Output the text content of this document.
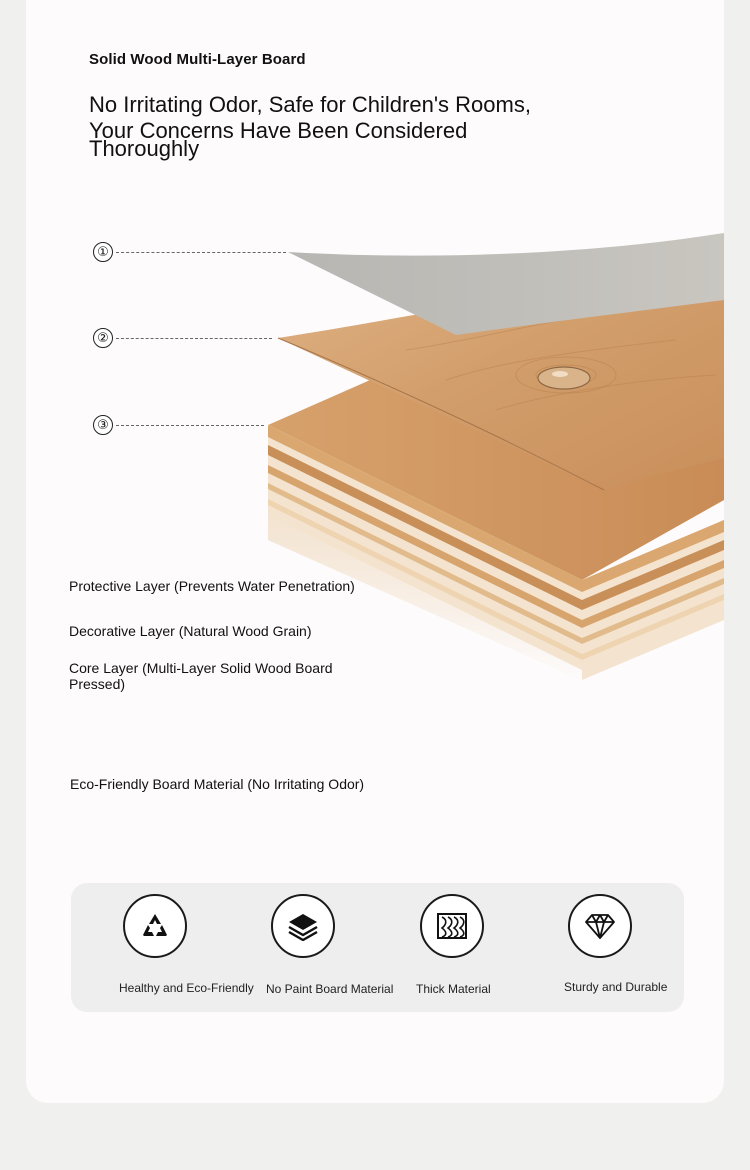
Solid Wood Multi-Layer Board
No Irritating Odor, Safe for Children's Rooms,
Your Concerns Have Been Considered
Thoroughly
①
②
③
Protective Layer (Prevents Water Penetration)
Decorative Layer (Natural Wood Grain)
Core Layer (Multi-Layer Solid Wood Board
Pressed)
Eco-Friendly Board Material (No Irritating Odor)
Healthy and Eco-Friendly No Paint Board Material Thick Material	Sturdy and Durable
